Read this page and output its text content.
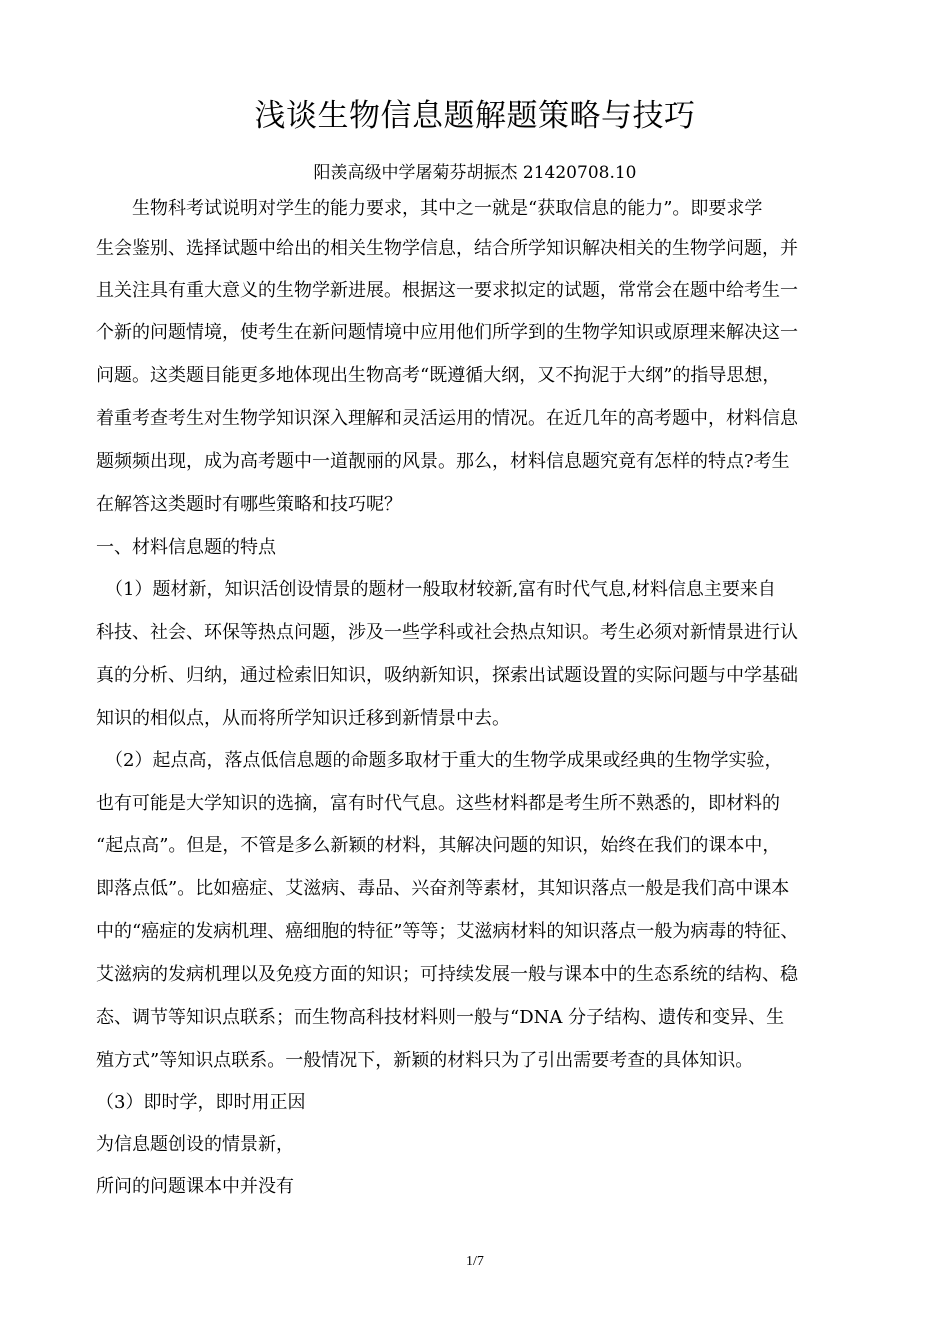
浅谈生物信息题解题策略与技巧
阳羡高级中学屠菊芬胡振杰 21420708.10
　　生物科考试说明对学生的能力要求，其中之一就是“获取信息的能力”。即要求学
生会鉴别、选择试题中给出的相关生物学信息，结合所学知识解决相关的生物学问题，并
且关注具有重大意义的生物学新进展。根据这一要求拟定的试题，常常会在题中给考生一
个新的问题情境，使考生在新问题情境中应用他们所学到的生物学知识或原理来解决这一
问题。这类题目能更多地体现出生物高考“既遵循大纲，又不拘泥于大纲”的指导思想，
着重考查考生对生物学知识深入理解和灵活运用的情况。在近几年的高考题中，材料信息
题频频出现，成为高考题中一道靓丽的风景。那么，材料信息题究竟有怎样的特点?考生
在解答这类题时有哪些策略和技巧呢？
一、材料信息题的特点
　（1）题材新，知识活创设情景的题材一般取材较新,富有时代气息,材料信息主要来自
科技、社会、环保等热点问题，涉及一些学科或社会热点知识。考生必须对新情景进行认
真的分析、归纳，通过检索旧知识，吸纳新知识，探索出试题设置的实际问题与中学基础
知识的相似点，从而将所学知识迁移到新情景中去。
　（2）起点高，落点低信息题的命题多取材于重大的生物学成果或经典的生物学实验，
也有可能是大学知识的选摘，富有时代气息。这些材料都是考生所不熟悉的，即材料的
“起点高”。但是，不管是多么新颖的材料，其解决问题的知识，始终在我们的课本中，
即落点低”。比如癌症、艾滋病、毒品、兴奋剂等素材，其知识落点一般是我们高中课本
中的“癌症的发病机理、癌细胞的特征”等等；艾滋病材料的知识落点一般为病毒的特征、
艾滋病的发病机理以及免疫方面的知识；可持续发展一般与课本中的生态系统的结构、稳
态、调节等知识点联系；而生物高科技材料则一般与“DNA 分子结构、遗传和变异、生
殖方式”等知识点联系。一般情况下，新颖的材料只为了引出需要考查的具体知识。
（3）即时学，即时用正因
为信息题创设的情景新，
所问的问题课本中并没有
1/7
